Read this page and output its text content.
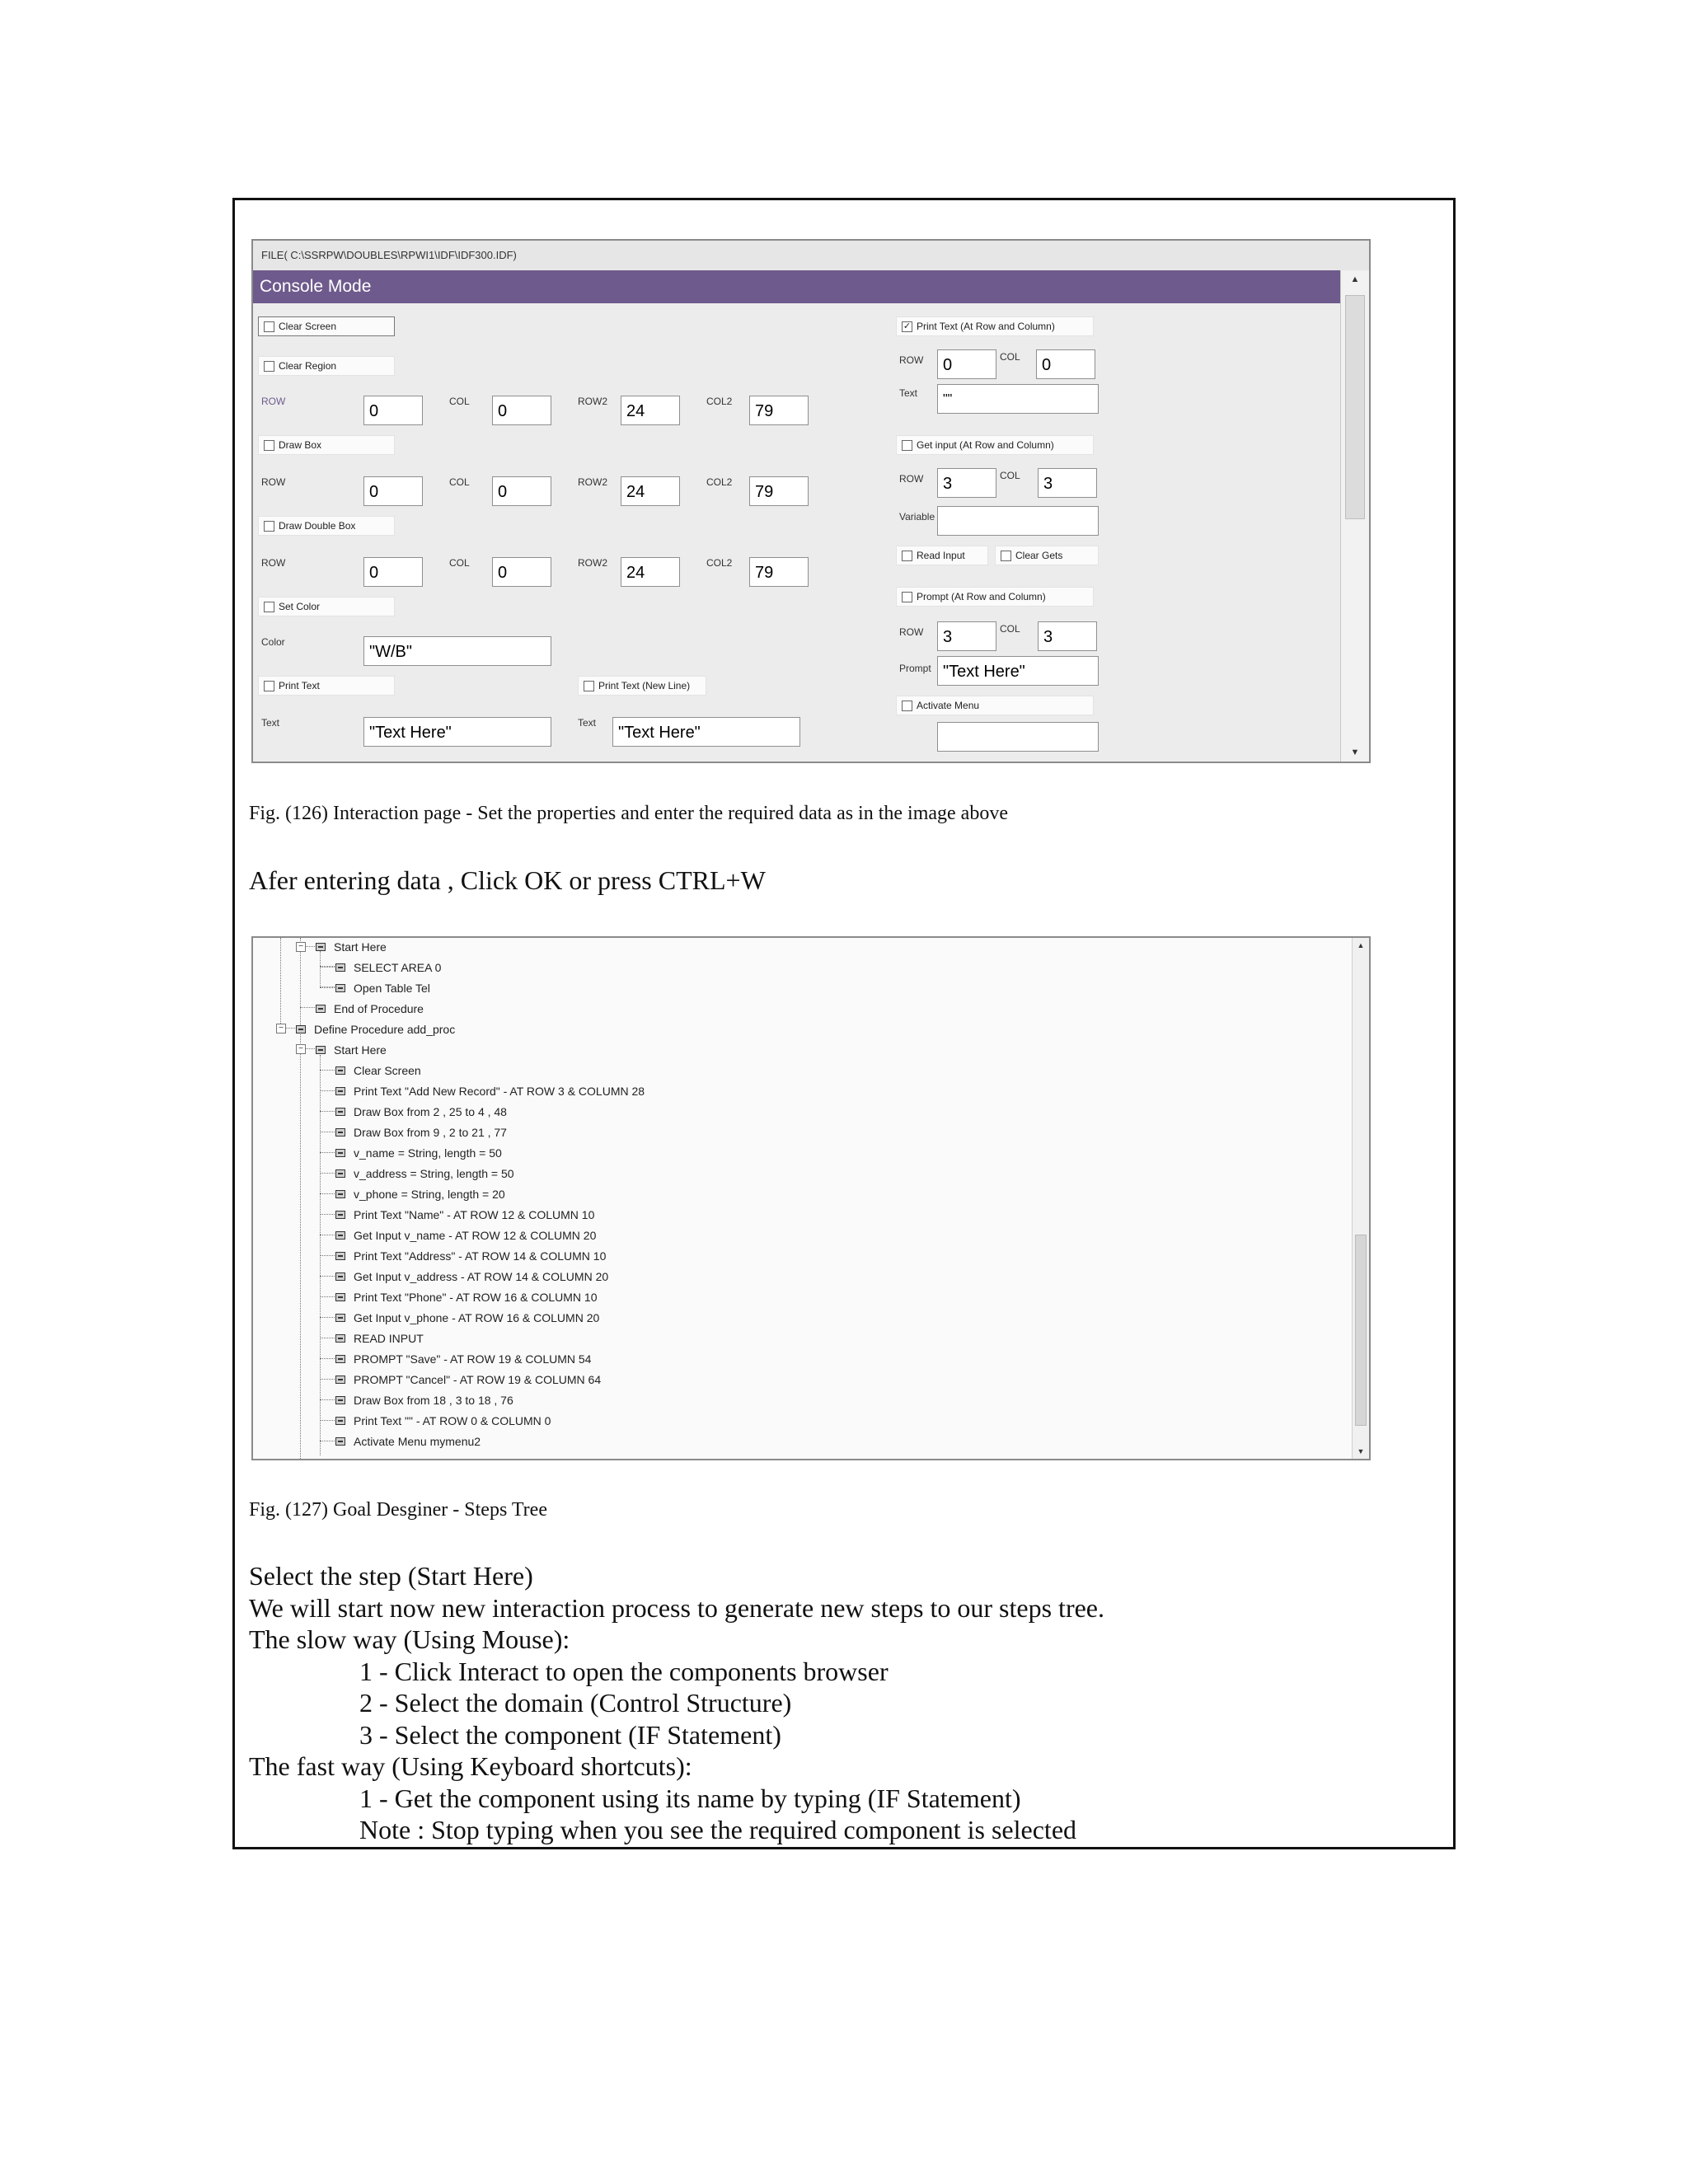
FILE( C:\SSRPW\DOUBLES\RPWI1\IDF\IDF300.IDF)
Console Mode	▲
▼
Clear Screen
Clear Region
ROW
0
COL
0
ROW2
24
COL2
79
Draw Box
ROW
0
COL
0
ROW2
24
COL2
79
Draw Double Box
ROW
0
COL
0
ROW2
24
COL2
79
Set Color
Color
"W/B"
Print Text	Print Text (New Line)
Text
"Text Here"
Text
"Text Here"
✓ Print Text (At Row and Column)
ROW	0	COL	0
Text	""
Get input (At Row and Column)
ROW	3	COL	3
Variable
Read Input	Clear Gets
Prompt (At Row and Column)
ROW	3	COL	3
Prompt "Text Here"
Activate Menu
Fig. (126) Interaction page - Set the properties and enter the required data as in the image above
Afer entering data , Click OK or press CTRL+W
▲
▼
−
−
−
Start Here
SELECT AREA 0
Open Table Tel
End of Procedure
Define Procedure add_proc
Start Here
Clear Screen
Print Text "Add New Record" - AT ROW 3 & COLUMN 28
Draw Box from 2 , 25 to 4 , 48
Draw Box from 9 , 2 to 21 , 77
v_name = String, length = 50
v_address = String, length = 50
v_phone = String, length = 20
Print Text "Name" - AT ROW 12 & COLUMN 10
Get Input v_name - AT ROW 12 & COLUMN 20
Print Text "Address" - AT ROW 14 & COLUMN 10
Get Input v_address - AT ROW 14 & COLUMN 20
Print Text "Phone" - AT ROW 16 & COLUMN 10
Get Input v_phone - AT ROW 16 & COLUMN 20
READ INPUT
PROMPT "Save" - AT ROW 19 & COLUMN 54
PROMPT "Cancel" - AT ROW 19 & COLUMN 64
Draw Box from 18 , 3 to 18 , 76
Print Text "" - AT ROW 0 & COLUMN 0
Activate Menu mymenu2
Fig. (127) Goal Desginer - Steps Tree
Select the step (Start Here)
We will start now new interaction process to generate new steps to our steps tree.
The slow way (Using Mouse):
1 - Click Interact to open the components browser
2 - Select the domain (Control Structure)
3 - Select the component (IF Statement)
The fast way (Using Keyboard shortcuts):
1 - Get the component using its name by typing (IF Statement)
Note : Stop typing when you see the required component is selected
